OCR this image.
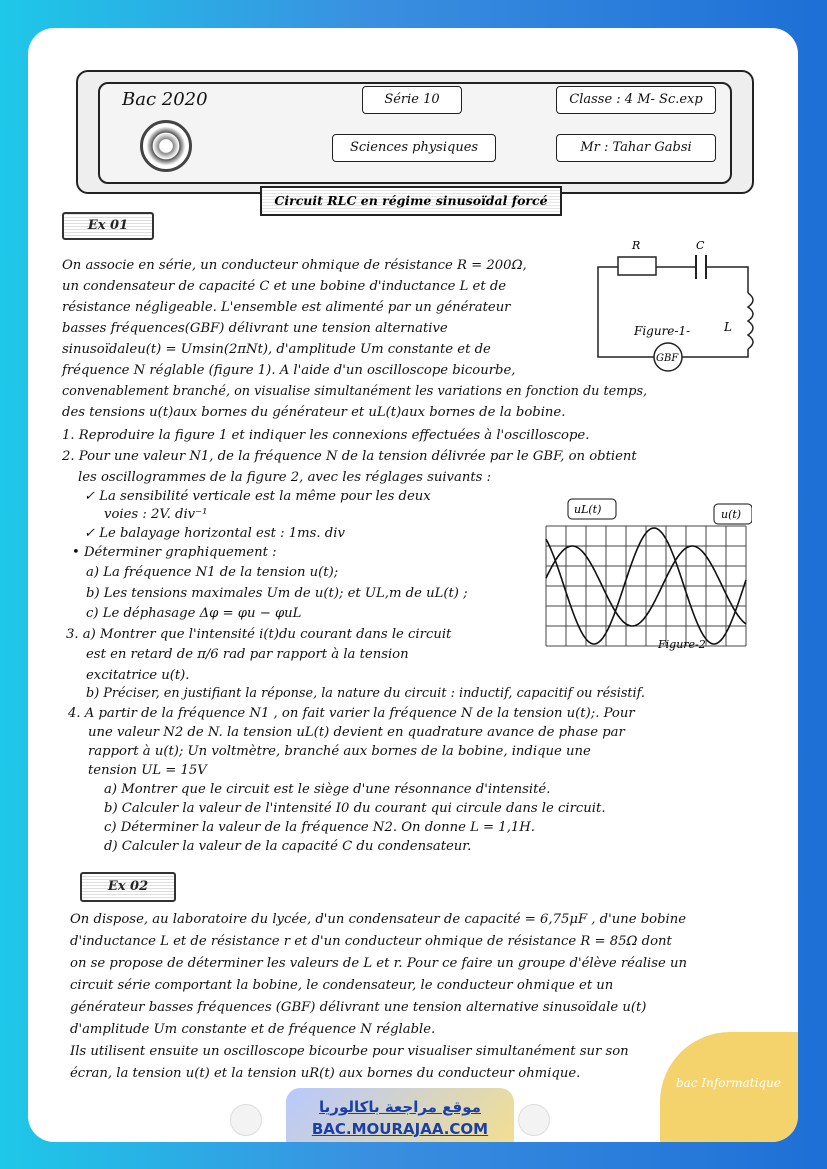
Bac 2020	Série 10	Classe : 4 M- Sc.exp
Sciences physiques	Mr : Tahar Gabsi
Circuit RLC en régime sinusoïdal forcé
Ex 01
On associe en série, un conducteur ohmique de résistance R = 200Ω,
un condensateur de capacité C et une bobine d'inductance L et de
résistance négligeable. L'ensemble est alimenté par un générateur
basses fréquences(GBF) délivrant une tension alternative
sinusoïdaleu(t) = Umsin(2πNt), d'amplitude Um constante et de
fréquence N réglable (figure 1). A l'aide d'un oscilloscope bicourbe,
convenablement branché, on visualise simultanément les variations en fonction du temps,
des tensions u(t)aux bornes du générateur et uL(t)aux bornes de la bobine.
1. Reproduire la figure 1 et indiquer les connexions effectuées à l'oscilloscope.
2. Pour une valeur N1, de la fréquence N de la tension délivrée par le GBF, on obtient
les oscillogrammes de la figure 2, avec les réglages suivants :
✓ La sensibilité verticale est la même pour les deux
voies : 2V. div⁻¹
✓ Le balayage horizontal est : 1ms. div
• Déterminer graphiquement :
a) La fréquence N1 de la tension u(t);
b) Les tensions maximales Um de u(t); et UL,m de uL(t) ;
c) Le déphasage Δφ = φu − φuL
3. a) Montrer que l'intensité i(t)du courant dans le circuit
est en retard de π/6 rad par rapport à la tension
excitatrice u(t).
b) Préciser, en justifiant la réponse, la nature du circuit : inductif, capacitif ou résistif.
4. A partir de la fréquence N1 , on fait varier la fréquence N de la tension u(t);. Pour
une valeur N2 de N. la tension uL(t) devient en quadrature avance de phase par
rapport à u(t); Un voltmètre, branché aux bornes de la bobine, indique une
tension UL = 15V
a) Montrer que le circuit est le siège d'une résonnance d'intensité.
b) Calculer la valeur de l'intensité I0 du courant qui circule dans le circuit.
c) Déterminer la valeur de la fréquence N2. On donne L = 1,1H.
d) Calculer la valeur de la capacité C du condensateur.
R	C
L
Figure-1-
GBF
uL(t)	u(t)
Figure-2
Ex 02
On dispose, au laboratoire du lycée, d'un condensateur de capacité = 6,75μF , d'une bobine
d'inductance L et de résistance r et d'un conducteur ohmique de résistance R = 85Ω dont
on se propose de déterminer les valeurs de L et r. Pour ce faire un groupe d'élève réalise un
circuit série comportant la bobine, le condensateur, le conducteur ohmique et un
générateur basses fréquences (GBF) délivrant une tension alternative sinusoïdale u(t)
d'amplitude Um constante et de fréquence N réglable.
Ils utilisent ensuite un oscilloscope bicourbe pour visualiser simultanément sur son
écran, la tension u(t) et la tension uR(t) aux bornes du conducteur ohmique.
موقع مراجعة باكالوريا
BAC.MOURAJAA.COM
bac Informatique
